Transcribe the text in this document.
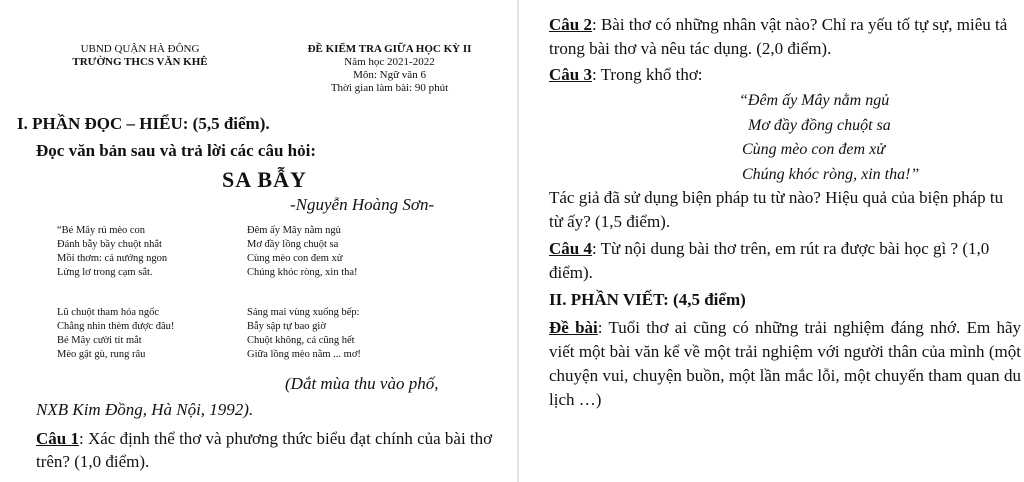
UBND QUẬN HÀ ĐÔNG
TRƯỜNG THCS VĂN KHÊ
ĐỀ KIỂM TRA GIỮA HỌC KỲ II
Năm học 2021-2022
Môn: Ngữ văn 6
Thời gian làm bài: 90 phút
I. PHẦN ĐỌC – HIỂU: (5,5 điểm).
Đọc văn bản sau và trả lời các câu hỏi:
SA BẪY
-Nguyễn Hoàng Sơn-
“Bé Mây rủ mèo con
Đánh bẫy bầy chuột nhắt
Mồi thơm: cá nướng ngon
Lửng lơ trong cạm sắt.
Đêm ấy Mây nằm ngủ
Mơ đầy lồng chuột sa
Cùng mèo con đem xử
Chúng khóc ròng, xin tha!
Lũ chuột tham hóa ngốc
Chẳng nhìn thèm được đâu!
Bé Mây cười tít mắt
Mèo gật gù, rung râu
Sáng mai vùng xuống bếp:
Bẫy sập tự bao giờ
Chuột không, cá cũng hết
Giữa lồng mèo nằm ... mơ!
(Dắt mùa thu vào phố,
NXB Kim Đồng, Hà Nội, 1992).
Câu 1: Xác định thể thơ và phương thức biểu đạt chính của bài thơ trên? (1,0 điểm).
Câu 2: Bài thơ có những nhân vật nào? Chỉ ra yếu tố tự sự, miêu tả trong bài thơ và nêu tác dụng. (2,0 điểm).
Câu 3: Trong khổ thơ:
“Đêm ấy Mây nằm ngủ
Mơ đầy đồng chuột sa
Cùng mèo con đem xử
Chúng khóc ròng, xin tha!”
Tác giả đã sử dụng biện pháp tu từ nào? Hiệu quả của biện pháp tu từ ấy? (1,5 điểm).
Câu 4: Từ nội dung bài thơ trên, em rút ra được bài học gì ? (1,0 điểm).
II. PHẦN VIẾT: (4,5 điểm)
Đề bài: Tuổi thơ ai cũng có những trải nghiệm đáng nhớ. Em hãy viết một bài văn kể về một trải nghiệm với người thân của mình (một chuyện vui, chuyện buồn, một lần mắc lỗi, một chuyến tham quan du lịch …)
